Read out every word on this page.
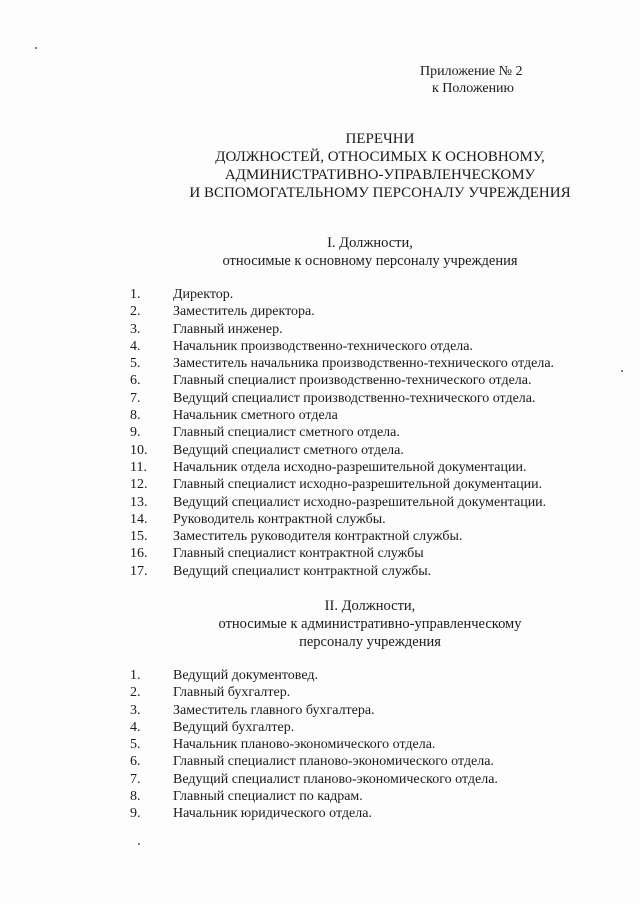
Приложение № 2
к Положению
ПЕРЕЧНИ
ДОЛЖНОСТЕЙ, ОТНОСИМЫХ К ОСНОВНОМУ,
АДМИНИСТРАТИВНО-УПРАВЛЕНЧЕСКОМУ
И ВСПОМОГАТЕЛЬНОМУ ПЕРСОНАЛУ УЧРЕЖДЕНИЯ
I. Должности,
относимые к основному персоналу учреждения
1. Директор.
2. Заместитель директора.
3. Главный инженер.
4. Начальник производственно-технического отдела.
5. Заместитель начальника производственно-технического отдела.
6. Главный специалист производственно-технического отдела.
7. Ведущий специалист производственно-технического отдела.
8. Начальник сметного отдела
9. Главный специалист сметного отдела.
10. Ведущий специалист сметного отдела.
11. Начальник отдела исходно-разрешительной документации.
12. Главный специалист исходно-разрешительной документации.
13. Ведущий специалист исходно-разрешительной документации.
14. Руководитель контрактной службы.
15. Заместитель руководителя контрактной службы.
16. Главный специалист контрактной службы
17. Ведущий специалист контрактной службы.
II. Должности,
относимые к административно-управленческому
персоналу учреждения
1. Ведущий документовед.
2. Главный бухгалтер.
3. Заместитель главного бухгалтера.
4. Ведущий бухгалтер.
5. Начальник планово-экономического отдела.
6. Главный специалист планово-экономического отдела.
7. Ведущий специалист планово-экономического отдела.
8. Главный специалист по кадрам.
9. Начальник юридического отдела.
